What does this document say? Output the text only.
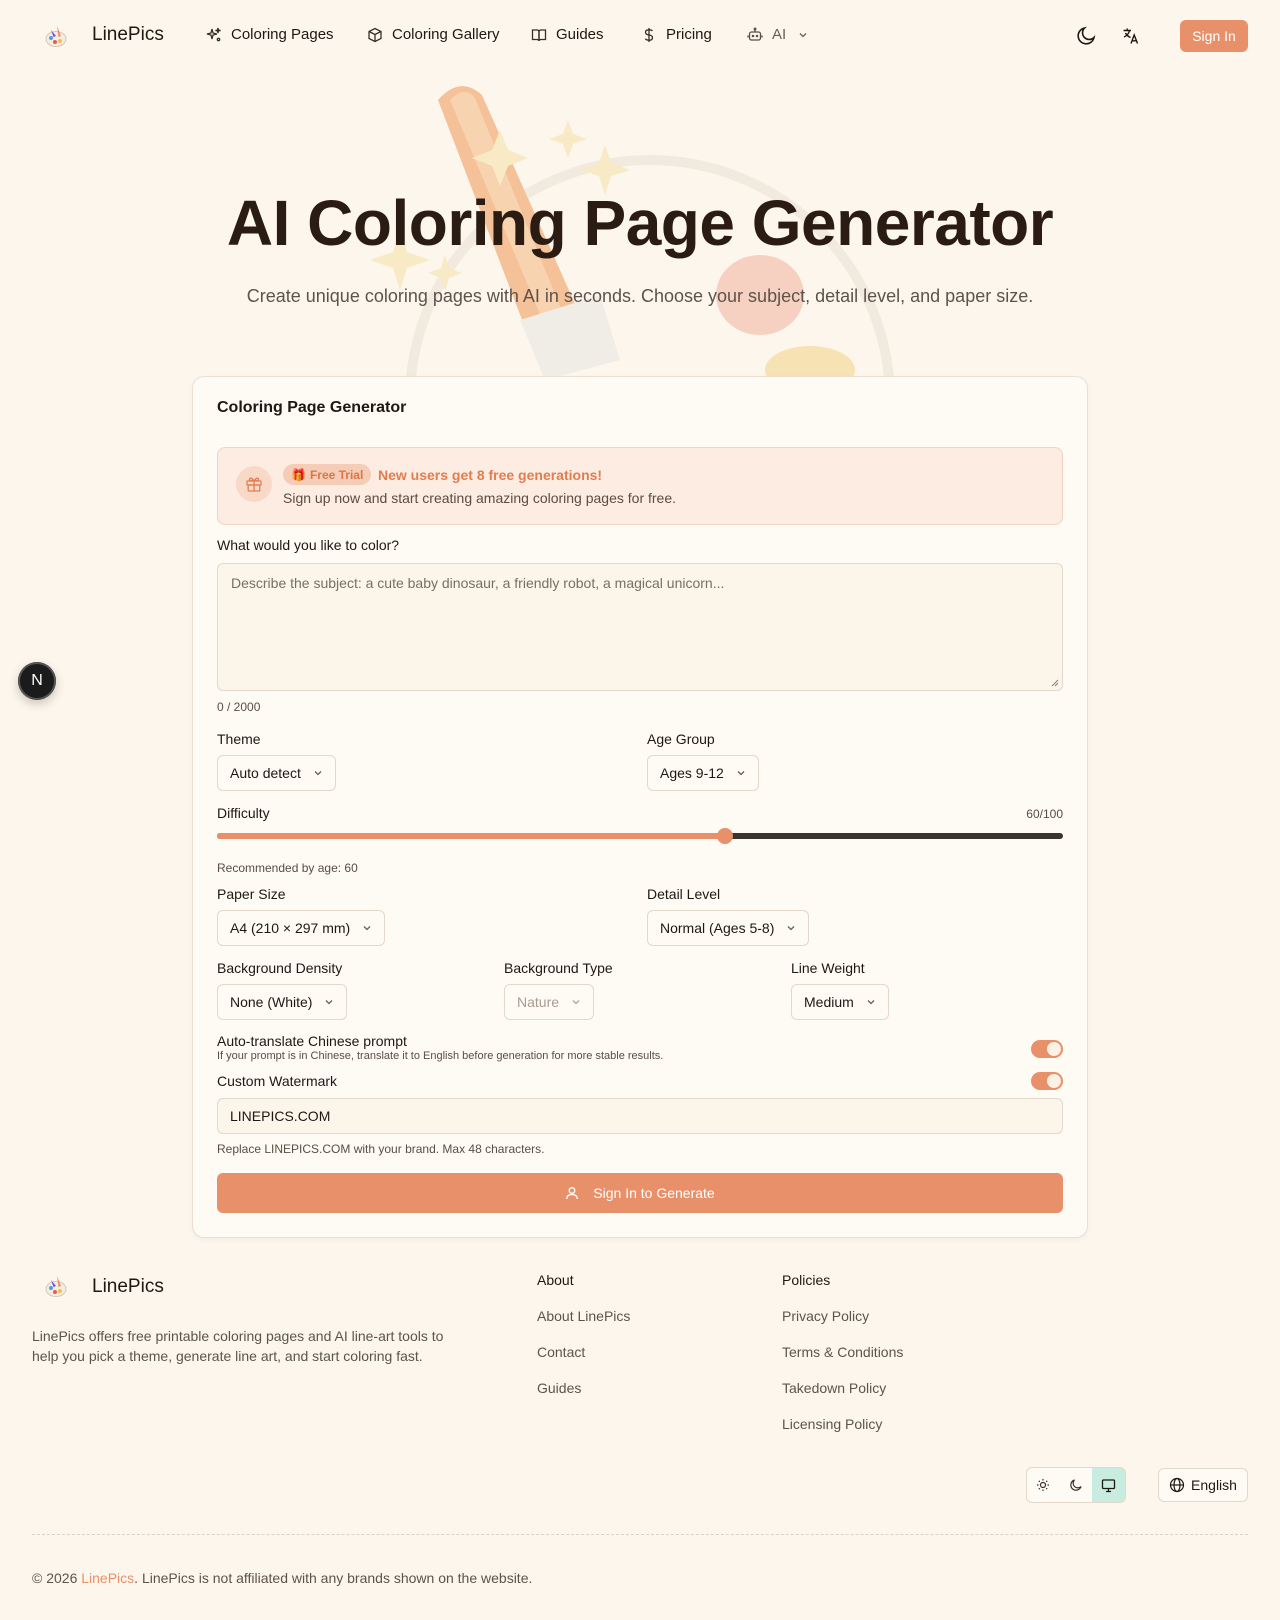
LinePics	Coloring Pages	Coloring Gallery	Guides	Pricing	AI	Sign In
AI Coloring Page Generator

Create unique coloring pages with AI in seconds. Choose your subject, detail level, and paper size.

Coloring Page Generator
🎁 Free Trial New users get 8 free generations!
Sign up now and start creating amazing coloring pages for free.
What would you like to color?
Describe the subject: a cute baby dinosaur, a friendly robot, a magical unicorn...
0 / 2000
Theme
Auto detect
Age Group
Ages 9-12
Difficulty	60/100
Recommended by age: 60
Paper Size
A4 (210 × 297 mm)
Detail Level
Normal (Ages 5-8)
Background Density
None (White)
Background Type
Nature
Line Weight
Medium
Auto-translate Chinese prompt
If your prompt is in Chinese, translate it to English before generation for more stable results.
Custom Watermark
LINEPICS.COM
Replace LINEPICS.COM with your brand. Max 48 characters.
Sign In to Generate
N
LinePics

LinePics offers free printable coloring pages and AI line-art tools to help you pick a theme, generate line art, and start coloring fast.

About
About LinePics
Contact
Guides
Policies
Privacy Policy
Terms & Conditions
Takedown Policy
Licensing Policy
English

© 2026 LinePics. LinePics is not affiliated with any brands shown on the website.
